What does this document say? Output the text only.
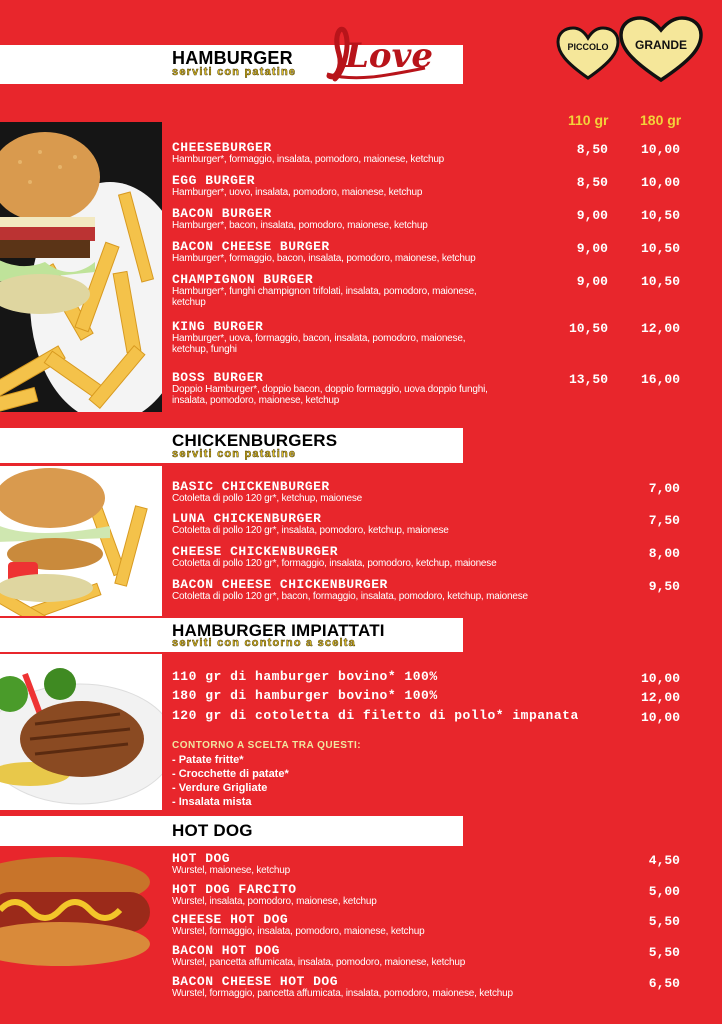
HAMBURGER
serviti con patatine Love	PICCOLO	GRANDE
110 gr 180 gr
CHEESEBURGER
Hamburger*, formaggio, insalata, pomodoro, maionese, ketchup
8,50	10,00
EGG BURGER
Hamburger*, uovo, insalata, pomodoro, maionese, ketchup
8,50	10,00
BACON BURGER
Hamburger*, bacon, insalata, pomodoro, maionese, ketchup
9,00	10,50
BACON CHEESE BURGER
Hamburger*, formaggio, bacon, insalata, pomodoro, maionese, ketchup
9,00	10,50
CHAMPIGNON BURGER
Hamburger*, funghi champignon trifolati, insalata, pomodoro, maionese, ketchup
9,00	10,50
KING BURGER
Hamburger*, uova, formaggio, bacon, insalata, pomodoro, maionese, ketchup, funghi
10,50	12,00
BOSS BURGER
Doppio Hamburger*, doppio bacon, doppio formaggio, uova doppio funghi, insalata, pomodoro, maionese, ketchup
13,50	16,00
CHICKENBURGERS
serviti con patatine
BASIC CHICKENBURGER
Cotoletta di pollo 120 gr*, ketchup, maionese
7,00
LUNA CHICKENBURGER
Cotoletta di pollo 120 gr*, insalata, pomodoro, ketchup, maionese
7,50
CHEESE CHICKENBURGER
Cotoletta di pollo 120 gr*, formaggio, insalata, pomodoro, ketchup, maionese
8,00
BACON CHEESE CHICKENBURGER
Cotoletta di pollo 120 gr*, bacon, formaggio, insalata, pomodoro, ketchup, maionese
9,50
HAMBURGER IMPIATTATI
serviti con contorno a scelta
110 gr di hamburger bovino* 100%	10,00
180 gr di hamburger bovino* 100%	12,00
120 gr di cotoletta di filetto di pollo* impanata	10,00
CONTORNO A SCELTA TRA QUESTI:
- Patate fritte*
- Crocchette di patate*
- Verdure Grigliate
- Insalata mista
HOT DOG
HOT DOG
Wurstel, maionese, ketchup
4,50
HOT DOG FARCITO
Wurstel, insalata, pomodoro, maionese, ketchup
5,00
CHEESE HOT DOG
Wurstel, formaggio, insalata, pomodoro, maionese, ketchup
5,50
BACON HOT DOG
Wurstel, pancetta affumicata, insalata, pomodoro, maionese, ketchup
5,50
BACON CHEESE HOT DOG
Wurstel, formaggio, pancetta affumicata, insalata, pomodoro, maionese, ketchup
6,50
